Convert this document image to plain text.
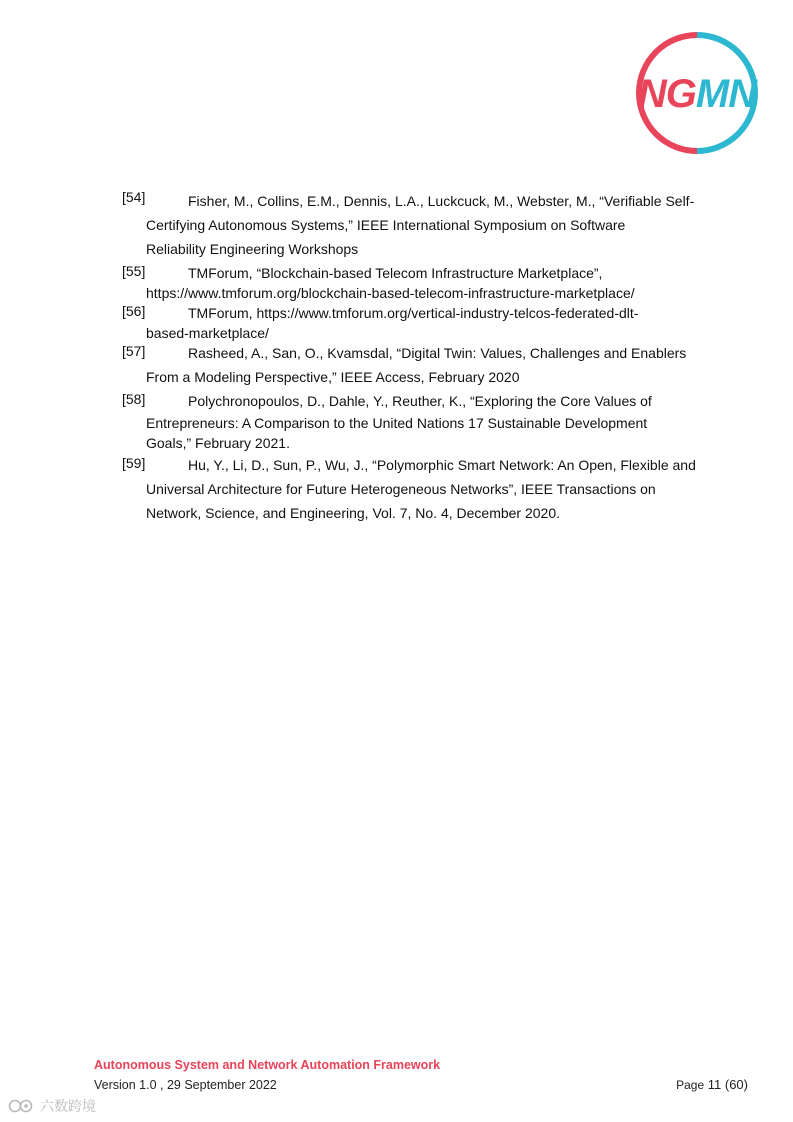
NGMN
[54]	Fisher, M., Collins, E.M., Dennis, L.A., Luckcuck, M., Webster, M., “Verifiable Self-
Certifying Autonomous Systems,” IEEE International Symposium on Software
Reliability Engineering Workshops
[55]	TMForum, “Blockchain-based Telecom Infrastructure Marketplace”,
https://www.tmforum.org/blockchain-based-telecom-infrastructure-marketplace/
[56]	TMForum, https://www.tmforum.org/vertical-industry-telcos-federated-dlt-
based-marketplace/
[57]	Rasheed, A., San, O., Kvamsdal, “Digital Twin: Values, Challenges and Enablers
From a Modeling Perspective,” IEEE Access, February 2020
[58]	Polychronopoulos, D., Dahle, Y., Reuther, K., “Exploring the Core Values of
Entrepreneurs: A Comparison to the United Nations 17 Sustainable Development
Goals,” February 2021.
[59]	Hu, Y., Li, D., Sun, P., Wu, J., “Polymorphic Smart Network: An Open, Flexible and
Universal Architecture for Future Heterogeneous Networks”, IEEE Transactions on
Network, Science, and Engineering, Vol. 7, No. 4, December 2020.
Autonomous System and Network Automation Framework
Version 1.0 , 29 September 2022	Page 11 (60)
六数跨境
